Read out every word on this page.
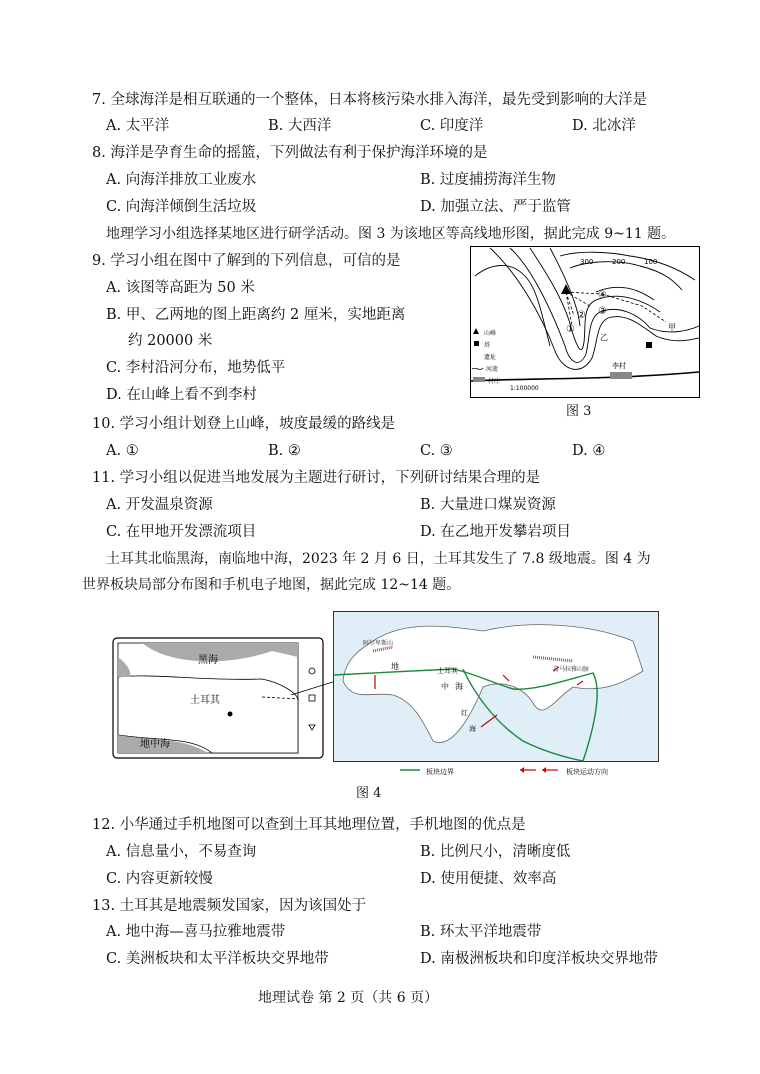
7. 全球海洋是相互联通的一个整体，日本将核污染水排入海洋，最先受到影响的大洋是
A. 太平洋	B. 大西洋	C. 印度洋	D. 北冰洋
8. 海洋是孕育生命的摇篮，下列做法有利于保护海洋环境的是
A. 向海洋排放工业废水	B. 过度捕捞海洋生物
C. 向海洋倾倒生活垃圾	D. 加强立法、严于监管
地理学习小组选择某地区进行研学活动。图 3 为该地区等高线地形图，据此完成 9~11 题。
9. 学习小组在图中了解到的下列信息，可信的是
A. 该图等高距为 50 米
B. 甲、乙两地的图上距离约 2 厘米，实地距离
约 20000 米
C. 李村沿河分布，地势低平
D. 在山峰上看不到李村
300	200	100
④
③
②
①	甲
乙
李村
山峰
塔
遗址
河流
村庄
1:100000
图 3
10. 学习小组计划登上山峰，坡度最缓的路线是
A. ①	B. ②	C. ③	D. ④
11. 学习小组以促进当地发展为主题进行研讨，下列研讨结果合理的是
A. 开发温泉资源	B. 大量进口煤炭资源
C. 在甲地开发漂流项目	D. 在乙地开发攀岩项目
土耳其北临黑海，南临地中海，2023 年 2 月 6 日，土耳其发生了 7.8 级地震。图 4 为
世界板块局部分布图和手机电子地图，据此完成 12~14 题。
黑海
土耳其
地中海
阿尔卑斯山
地
中 海
土耳其
红
海
喜马拉雅山脉
板块边界	板块运动方向
图 4
12. 小华通过手机地图可以查到土耳其地理位置，手机地图的优点是
A. 信息量小，不易查询	B. 比例尺小，清晰度低
C. 内容更新较慢	D. 使用便捷、效率高
13. 土耳其是地震频发国家，因为该国处于
A. 地中海—喜马拉雅地震带	B. 环太平洋地震带
C. 美洲板块和太平洋板块交界地带	D. 南极洲板块和印度洋板块交界地带
地理试卷 第 2 页（共 6 页）
